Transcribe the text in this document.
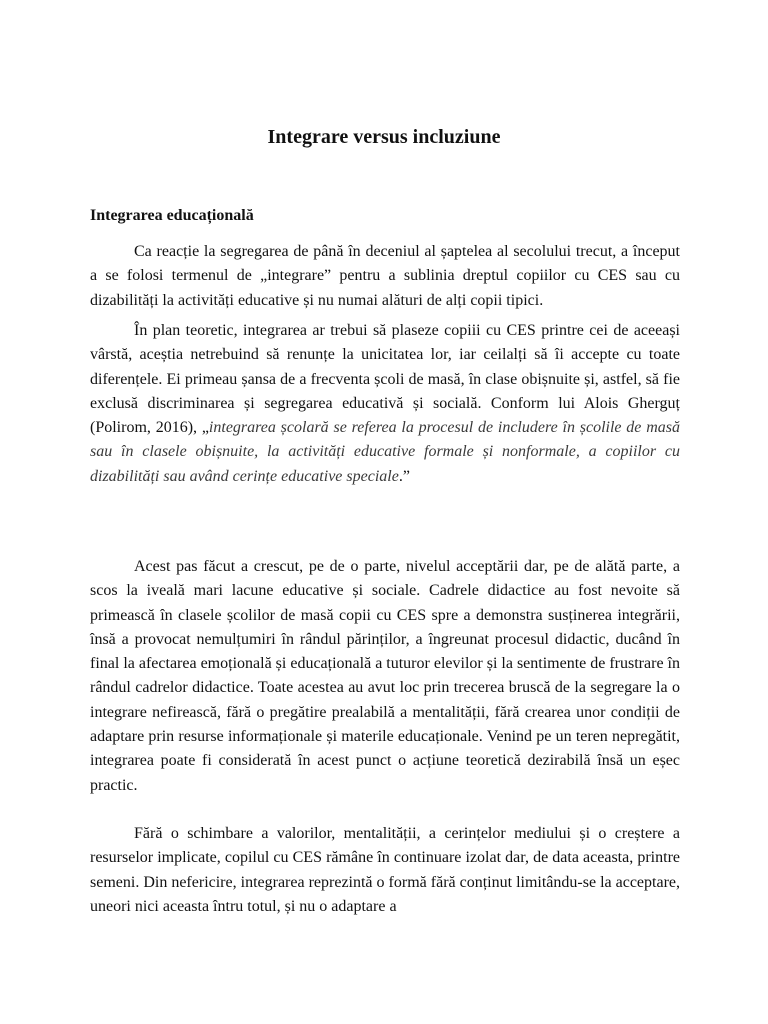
Integrare versus incluziune
Integrarea educațională

Ca reacție la segregarea de până în deceniul al șaptelea al secolului trecut, a început a se folosi termenul de „integrare” pentru a sublinia dreptul copiilor cu CES sau cu dizabilități la activități educative și nu numai alături de alți copii tipici.

În plan teoretic, integrarea ar trebui să plaseze copiii cu CES printre cei de aceeași vârstă, aceștia netrebuind să renunțe la unicitatea lor, iar ceilalți să îi accepte cu toate diferențele. Ei primeau șansa de a frecventa școli de masă, în clase obișnuite și, astfel, să fie exclusă discriminarea și segregarea educativă și socială. Conform lui Alois Gherguț (Polirom, 2016), „integrarea școlară se referea la procesul de includere în școlile de masă sau în clasele obișnuite, la activități educative formale și nonformale, a copiilor cu dizabilități sau având cerințe educative speciale.”

Acest pas făcut a crescut, pe de o parte, nivelul acceptării dar, pe de alătă parte, a scos la iveală mari lacune educative și sociale. Cadrele didactice au fost nevoite să primească în clasele școlilor de masă copii cu CES spre a demonstra susținerea integrării, însă a provocat nemulțumiri în rândul părinților, a îngreunat procesul didactic, ducând în final la afectarea emoțională și educațională a tuturor elevilor și la sentimente de frustrare în rândul cadrelor didactice. Toate acestea au avut loc prin trecerea bruscă de la segregare la o integrare nefirească, fără o pregătire prealabilă a mentalității, fără crearea unor condiții de adaptare prin resurse informaționale și materile educaționale. Venind pe un teren nepregătit, integrarea poate fi considerată în acest punct o acțiune teoretică dezirabilă însă un eșec practic.

Fără o schimbare a valorilor, mentalității, a cerințelor mediului și o creștere a resurselor implicate, copilul cu CES rămâne în continuare izolat dar, de data aceasta, printre semeni. Din nefericire, integrarea reprezintă o formă fără conținut limitându-se la acceptare, uneori nici aceasta întru totul, și nu o adaptare a
